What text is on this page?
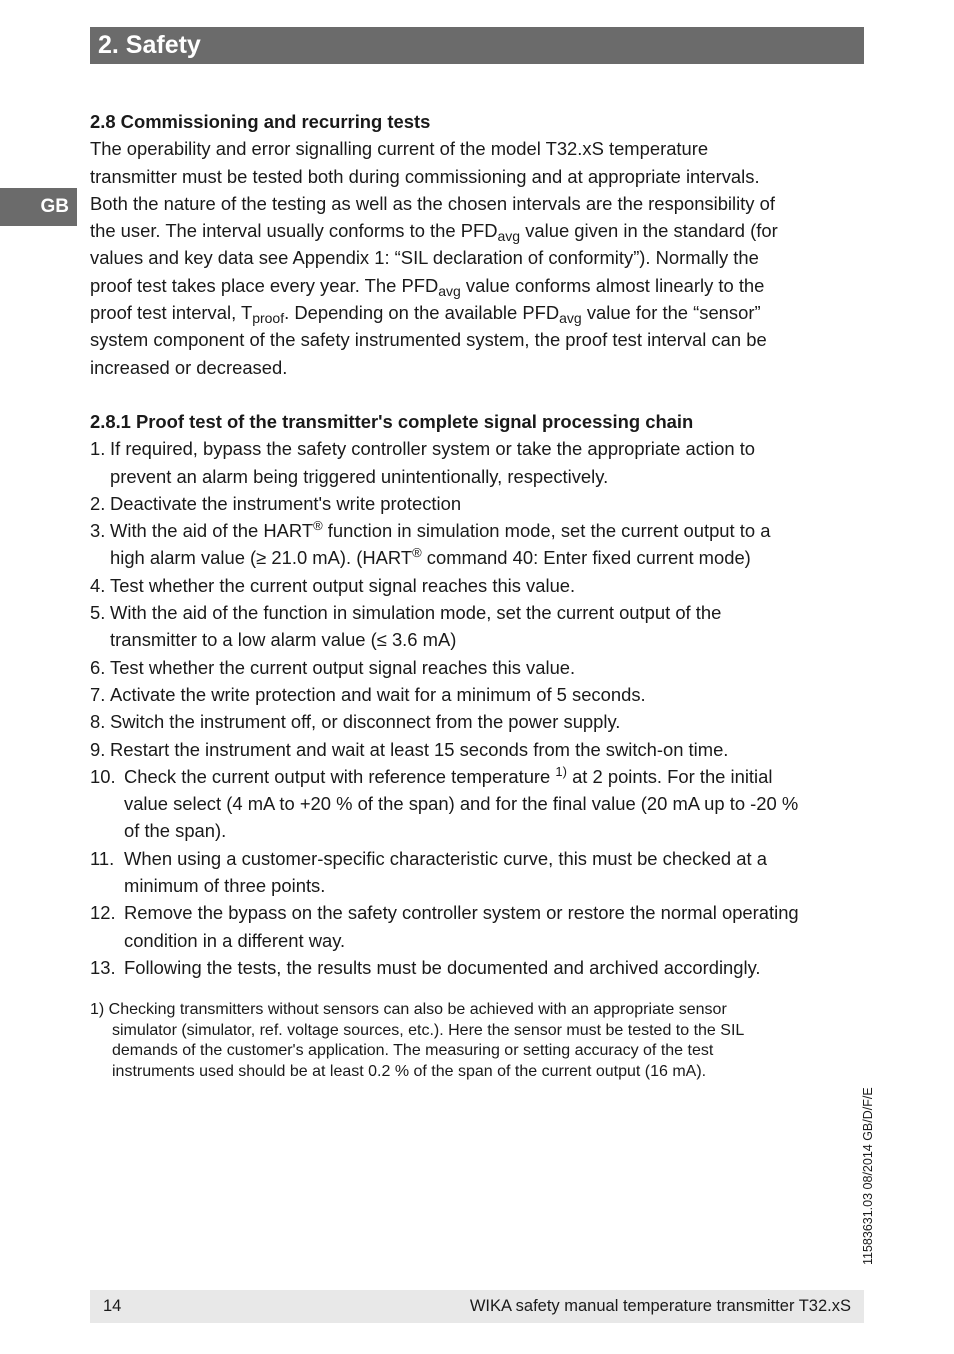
2. Safety
GB

2.8 Commissioning and recurring tests

The operability and error signalling current of the model T32.xS temperature

transmitter must be tested both during commissioning and at appropriate intervals.

Both the nature of the testing as well as the chosen intervals are the responsibility of

the user. The interval usually conforms to the $PFD_{avg}$ value given in the standard (for

values and key data see Appendix 1: “SIL declaration of conformity”). Normally the

proof test takes place every year. The $PFD_{avg}$ value conforms almost linearly to the

proof test interval, $T_{proof}$. Depending on the available $PFD_{avg}$ value for the “sensor”

system component of the safety instrumented system, the proof test interval can be

increased or decreased.

2.8.1 Proof test of the transmitter's complete signal processing chain

1. If required, bypass the safety controller system or take the appropriate action to
prevent an alarm being triggered unintentionally, respectively.
2. Deactivate the instrument's write protection
3. With the aid of the HART® function in simulation mode, set the current output to a
high alarm value (≥ 21.0 mA). (HART® command 40: Enter fixed current mode)
4. Test whether the current output signal reaches this value.
5. With the aid of the function in simulation mode, set the current output of the
transmitter to a low alarm value (≤ 3.6 mA)
6. Test whether the current output signal reaches this value.
7. Activate the write protection and wait for a minimum of 5 seconds.
8. Switch the instrument off, or disconnect from the power supply.
9. Restart the instrument and wait at least 15 seconds from the switch-on time.
10. Check the current output with reference temperature $^{1)}$ at 2 points. For the initial
value select (4 mA to +20 % of the span) and for the final value (20 mA up to -20 %
of the span).
11. When using a customer-specific characteristic curve, this must be checked at a
minimum of three points.
12. Remove the bypass on the safety controller system or restore the normal operating
condition in a different way.
13. Following the tests, the results must be documented and archived accordingly.

1) Checking transmitters without sensors can also be achieved with an appropriate sensor

simulator (simulator, ref. voltage sources, etc.). Here the sensor must be tested to the SIL

demands of the customer's application. The measuring or setting accuracy of the test

instruments used should be at least 0.2 % of the span of the current output (16 mA).

11583631.03 08/2014 GB/D/F/E
14	WIKA safety manual temperature transmitter T32.xS
